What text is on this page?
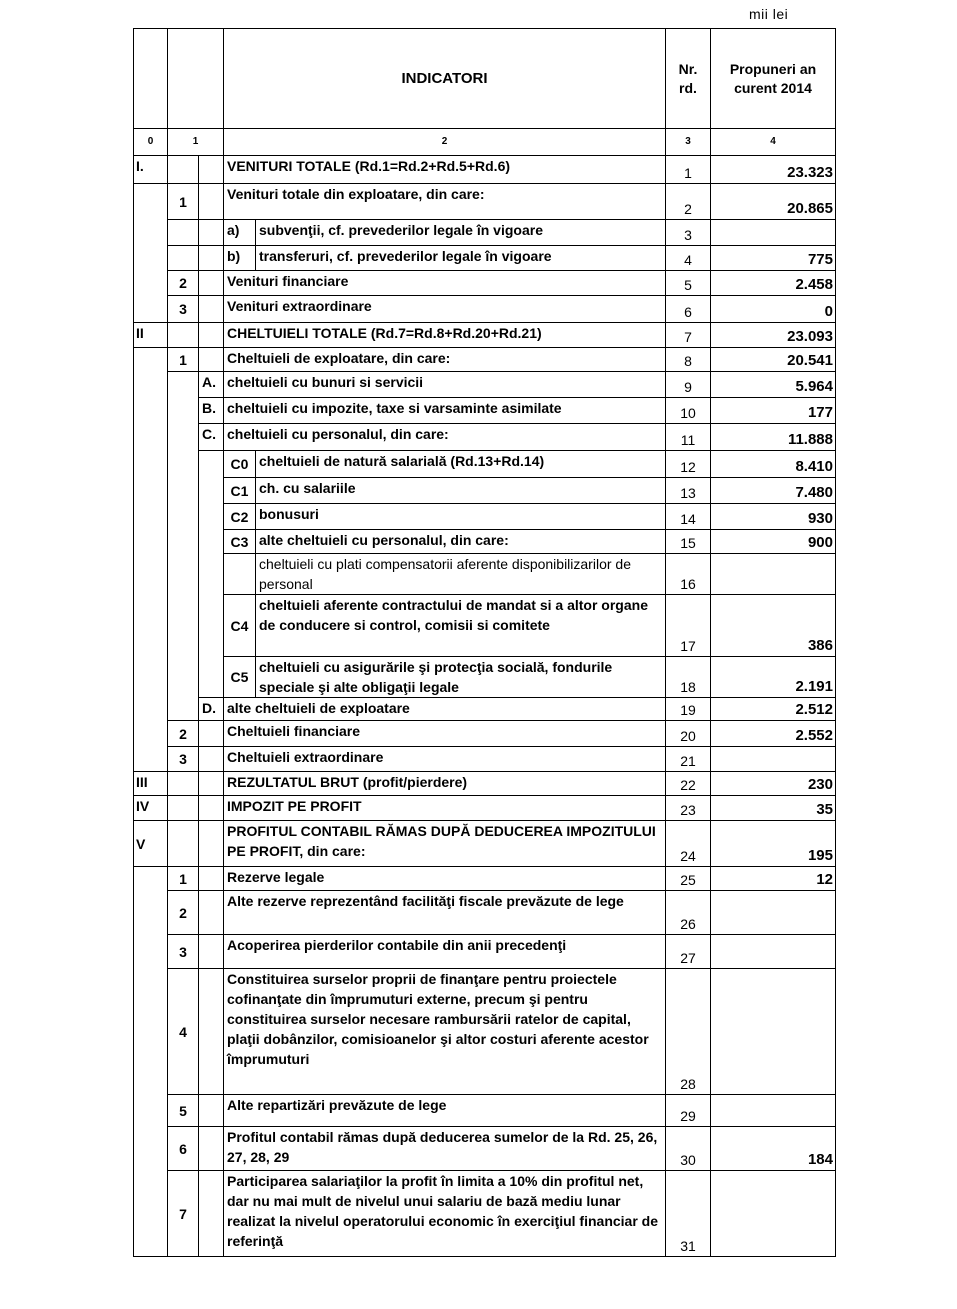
mii lei
			INDICATORI		Nr. rd.	Propuneri an curent 2014
0	1		2		3	4
I.			VENITURI TOTALE (Rd.1=Rd.2+Rd.5+Rd.6)		1	23.323
	1		Venituri totale din exploatare, din care:		2	20.865
			a)	subvenţii, cf. prevederilor legale în vigoare	3	
			b)	transferuri, cf. prevederilor legale în vigoare	4	775
	2		Venituri financiare		5	2.458
	3		Venituri extraordinare		6	0
II			CHELTUIELI TOTALE (Rd.7=Rd.8+Rd.20+Rd.21)		7	23.093
	1		Cheltuieli de exploatare, din care:		8	20.541
		A.	cheltuieli cu bunuri si servicii		9	5.964
		B.	cheltuieli cu impozite, taxe si varsaminte asimilate		10	177
		C.	cheltuieli cu personalul, din care:		11	11.888
			C0	cheltuieli de natură salarială (Rd.13+Rd.14)	12	8.410
			C1	ch. cu salariile	13	7.480
			C2	bonusuri	14	930
			C3	alte cheltuieli cu personalul, din care:	15	900
				cheltuieli cu plati compensatorii aferente disponibilizarilor de personal	16	
			C4	cheltuieli aferente contractului de mandat si a altor organe de conducere si control, comisii si comitete	17	386
			C5	cheltuieli cu asigurările şi protecţia socială, fondurile speciale şi alte obligaţii legale	18	2.191
		D.	alte cheltuieli de exploatare		19	2.512
	2		Cheltuieli financiare		20	2.552
	3		Cheltuieli extraordinare		21	
III			REZULTATUL BRUT (profit/pierdere)		22	230
IV			IMPOZIT PE PROFIT		23	35
V			PROFITUL CONTABIL RĂMAS DUPĂ DEDUCEREA IMPOZITULUI PE PROFIT, din care:		24	195
	1		Rezerve legale		25	12
	2		Alte rezerve reprezentând facilităţi fiscale prevăzute de lege		26	
	3		Acoperirea pierderilor contabile din anii precedenţi		27	
	4		Constituirea surselor proprii de finanţare pentru proiectele cofinanţate din împrumuturi externe, precum şi pentru constituirea surselor necesare rambursării ratelor de capital, plaţii dobânzilor, comisioanelor şi altor costuri aferente acestor împrumuturi		28	
	5		Alte repartizări prevăzute de lege		29	
	6		Profitul contabil rămas după deducerea sumelor de la Rd. 25, 26, 27, 28, 29		30	184
	7		Participarea salariaţilor la profit în limita a 10% din profitul net, dar nu mai mult de nivelul unui salariu de bază mediu lunar realizat la nivelul operatorului economic în exerciţiul financiar de referinţă		31	
